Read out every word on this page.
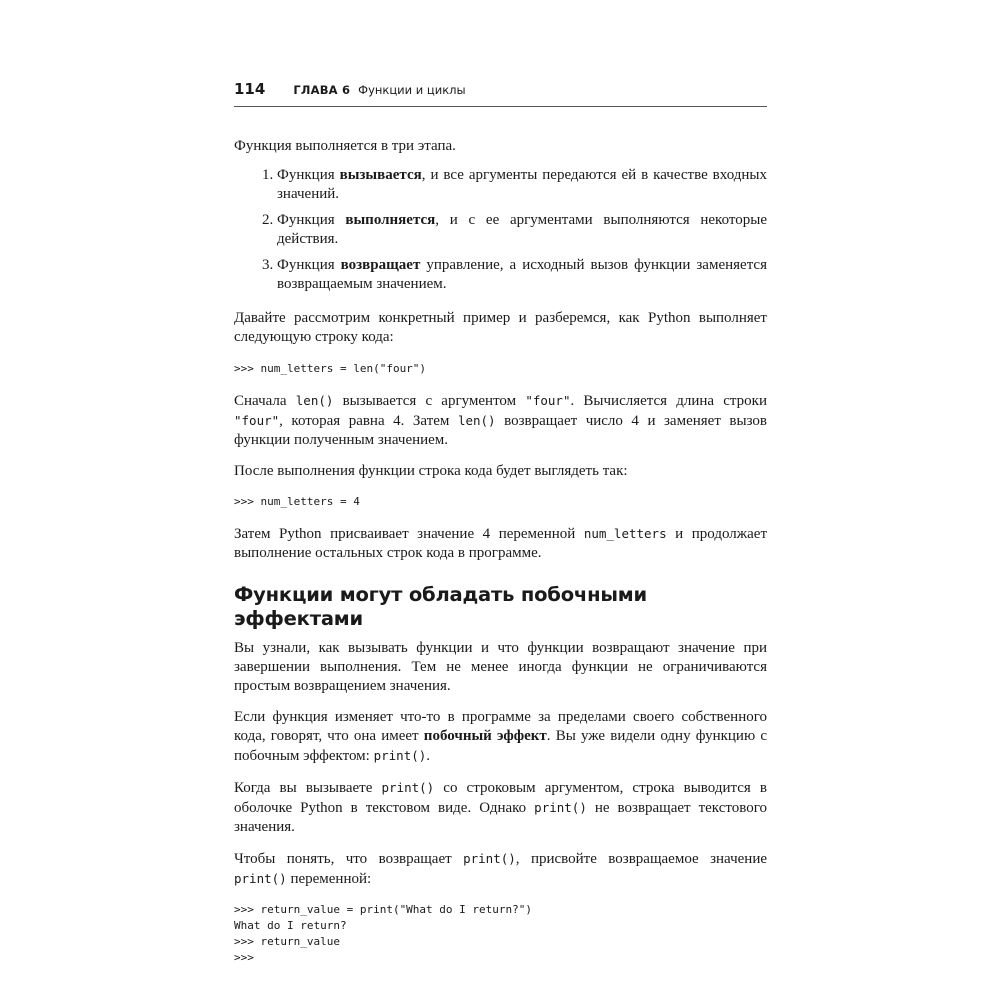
114 ГЛАВА 6 Функции и циклы

Функция выполняется в три этапа.

1. Функция вызывается, и все аргументы передаются ей в качестве входных значений.
2. Функция выполняется, и с ее аргументами выполняются некоторые действия.
3. Функция возвращает управление, а исходный вызов функции заменяется возвращаемым значением.

Давайте рассмотрим конкретный пример и разберемся, как Python выполняет следующую строку кода:

>>> num_letters = len("four")

Сначала len() вызывается с аргументом "four". Вычисляется длина строки "four", которая равна 4. Затем len() возвращает число 4 и заменяет вызов функции полученным значением.

После выполнения функции строка кода будет выглядеть так:

>>> num_letters = 4

Затем Python присваивает значение 4 переменной num_letters и продолжает выполнение остальных строк кода в программе.

Функции могут обладать побочными эффектами

Вы узнали, как вызывать функции и что функции возвращают значение при завершении выполнения. Тем не менее иногда функции не ограничиваются простым возвращением значения.

Если функция изменяет что-то в программе за пределами своего собственного кода, говорят, что она имеет побочный эффект. Вы уже видели одну функцию с побочным эффектом: print().

Когда вы вызываете print() со строковым аргументом, строка выводится в оболочке Python в текстовом виде. Однако print() не возвращает текстового значения.

Чтобы понять, что возвращает print(), присвойте возвращаемое значение print() переменной:

>>> return_value = print("What do I return?")
What do I return?
>>> return_value
>>>
